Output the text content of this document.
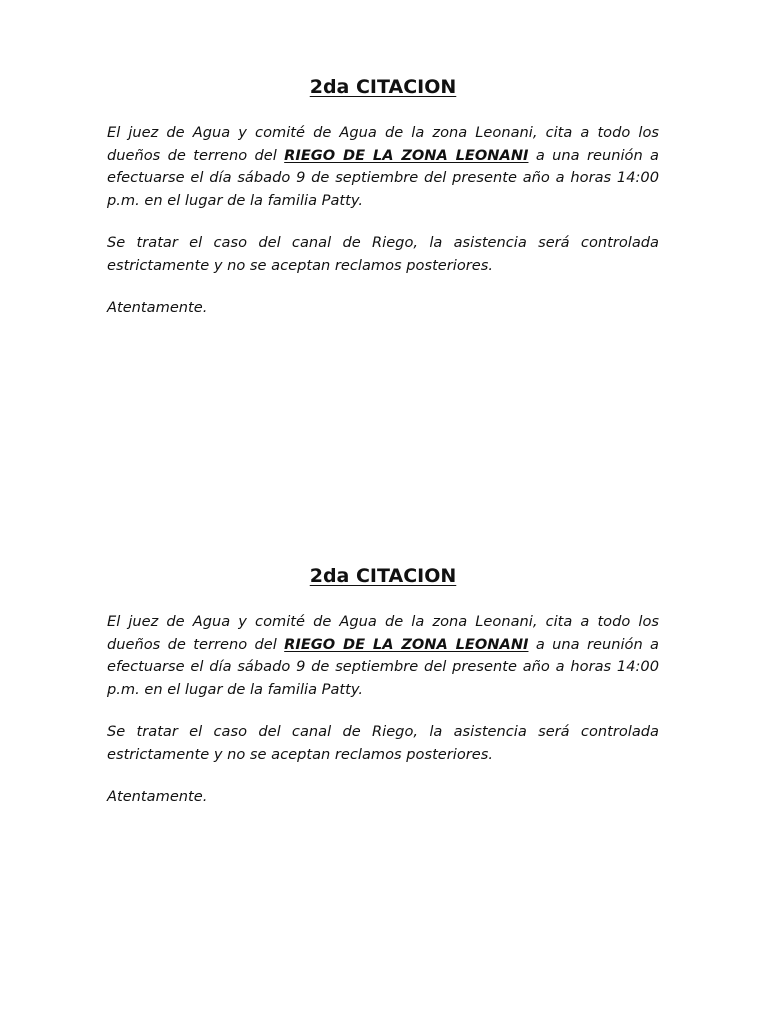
2da CITACION

El juez de Agua y comité de Agua de la zona Leonani, cita a todo los dueños de terreno del RIEGO DE LA ZONA LEONANI a una reunión a efectuarse el día sábado 9 de septiembre del presente año a horas 14:00 p.m. en el lugar de la familia Patty.

Se tratar el caso del canal de Riego, la asistencia será controlada estrictamente y no se aceptan reclamos posteriores.

Atentamente.

2da CITACION

El juez de Agua y comité de Agua de la zona Leonani, cita a todo los dueños de terreno del RIEGO DE LA ZONA LEONANI a una reunión a efectuarse el día sábado 9 de septiembre del presente año a horas 14:00 p.m. en el lugar de la familia Patty.

Se tratar el caso del canal de Riego, la asistencia será controlada estrictamente y no se aceptan reclamos posteriores.

Atentamente.
